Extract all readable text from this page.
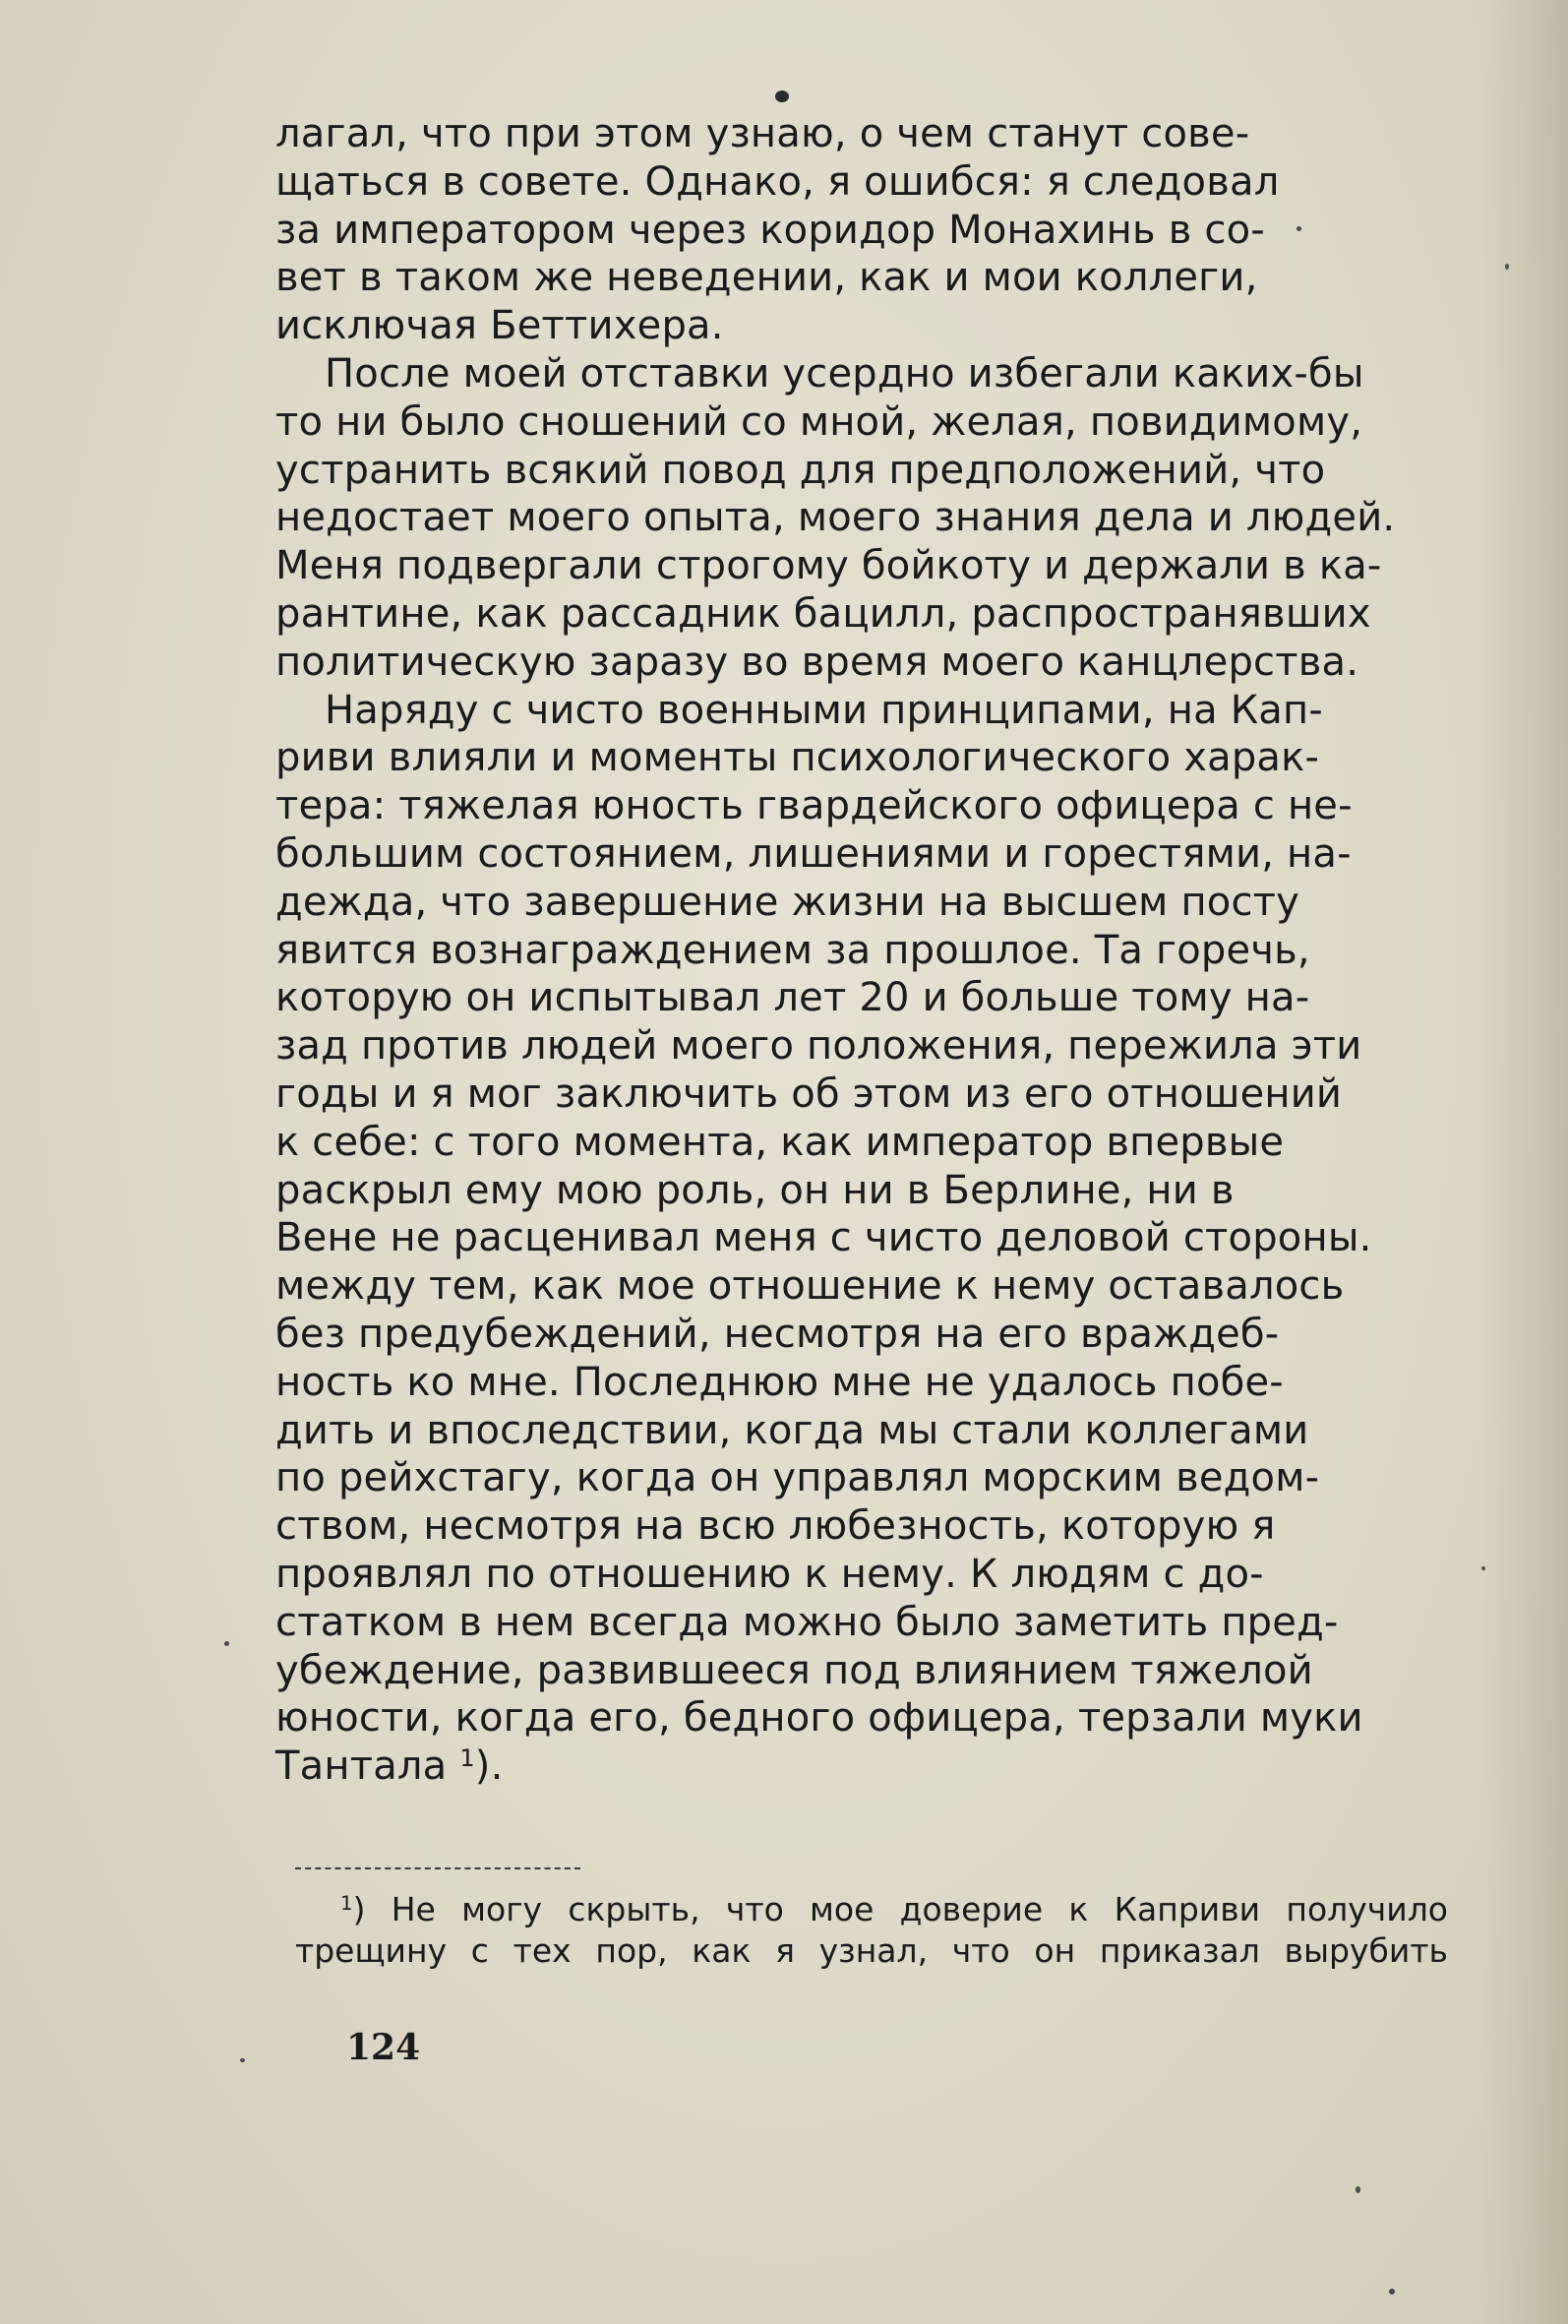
лагал, что при этом узнаю, о чем станут сове-
щаться в совете. Однако, я ошибся: я следовал
за императором через коридор Монахинь в со-
вет в таком же неведении, как и мои коллеги,
исключая Беттихера.

После моей отставки усердно избегали каких-бы
то ни было сношений со мной, желая, повидимому,
устранить всякий повод для предположений, что
недостает моего опыта, моего знания дела и людей.
Меня подвергали строгому бойкоту и держали в ка-
рантине, как рассадник бацилл, распространявших
политическую заразу во время моего канцлерства.

Наряду с чисто военными принципами, на Кап-
риви влияли и моменты психологического харак-
тера: тяжелая юность гвардейского офицера с не-
большим состоянием, лишениями и горестями, на-
дежда, что завершение жизни на высшем посту
явится вознаграждением за прошлое. Та горечь,
которую он испытывал лет 20 и больше тому на-
зад против людей моего положения, пережила эти
годы и я мог заключить об этом из его отношений
к себе: с того момента, как император впервые
раскрыл ему мою роль, он ни в Берлине, ни в
Вене не расценивал меня с чисто деловой стороны.
между тем, как мое отношение к нему оставалось
без предубеждений, несмотря на его враждеб-
ность ко мне. Последнюю мне не удалось побе-
дить и впоследствии, когда мы стали коллегами
по рейхстагу, когда он управлял морским ведом-
ством, несмотря на всю любезность, которую я
проявлял по отношению к нему. К людям с до-
статком в нем всегда можно было заметить пред-
убеждение, развившееся под влиянием тяжелой
юности, когда его, бедного офицера, терзали муки
Тантала $^1$).

$^1$) Не могу скрыть, что мое доверие к Каприви получило
трещину с тех пор, как я узнал, что он приказал вырубить
124
